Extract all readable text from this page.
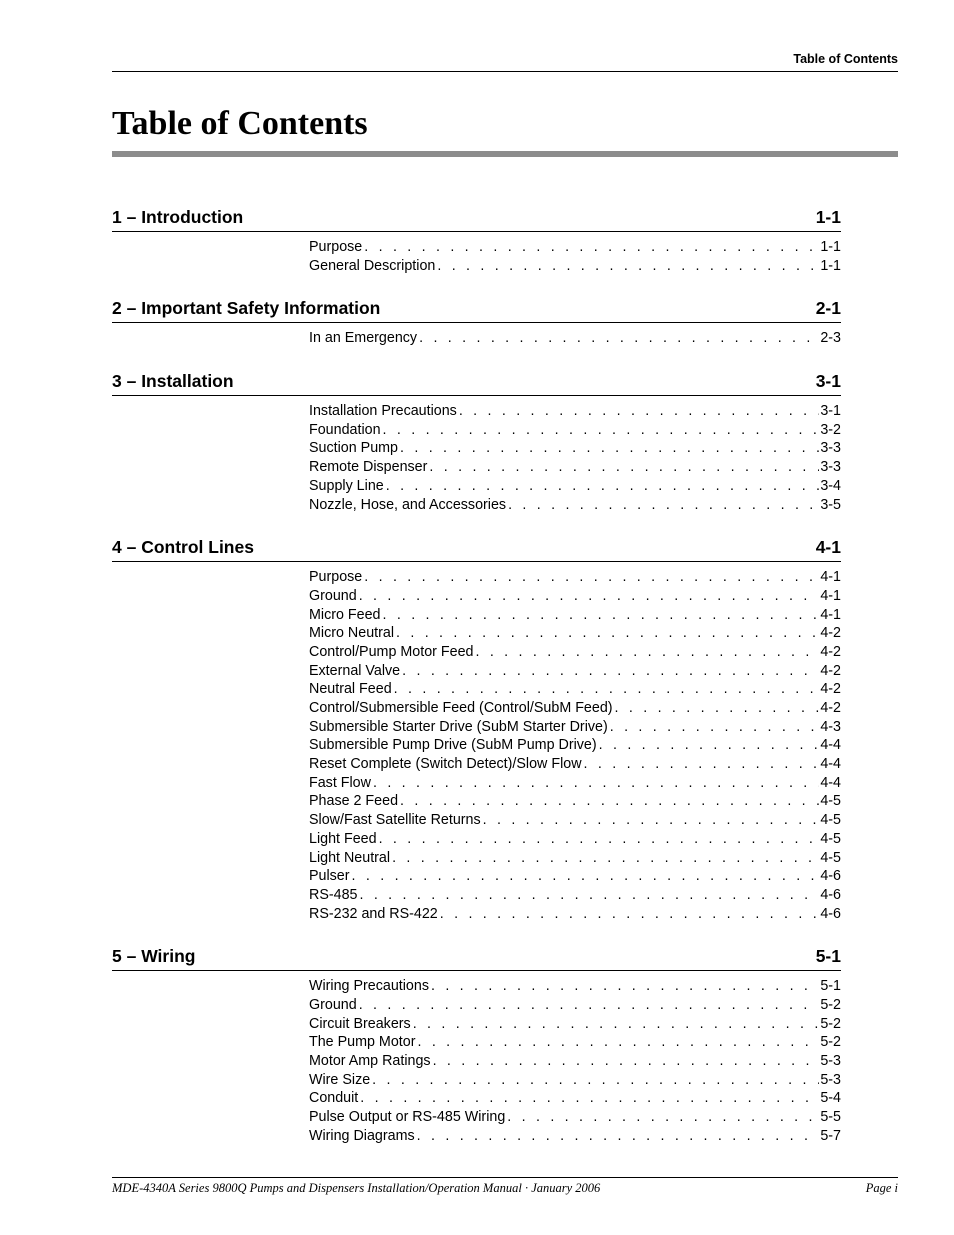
Table of Contents
Table of Contents
1 – Introduction	1-1
Purpose . . .	1-1
General Description . . .	1-1
2 – Important Safety Information	2-1
In an Emergency . . .	2-3
3 – Installation	3-1
Installation Precautions . . .	3-1
Foundation . . .	3-2
Suction Pump . . .	3-3
Remote Dispenser . . .	3-3
Supply Line . . .	3-4
Nozzle, Hose, and Accessories . . .	3-5
4 – Control Lines	4-1
Purpose . . .	4-1
Ground . . .	4-1
Micro Feed . . .	4-1
Micro Neutral . . .	4-2
Control/Pump Motor Feed . . .	4-2
External Valve . . .	4-2
Neutral Feed . . .	4-2
Control/Submersible Feed (Control/SubM Feed) . . .	4-2
Submersible Starter Drive (SubM Starter Drive) . . .	4-3
Submersible Pump Drive (SubM Pump Drive) . . .	4-4
Reset Complete (Switch Detect)/Slow Flow . . .	4-4
Fast Flow . . .	4-4
Phase 2 Feed . . .	4-5
Slow/Fast Satellite Returns . . .	4-5
Light Feed . . .	4-5
Light Neutral . . .	4-5
Pulser . . .	4-6
RS-485 . . .	4-6
RS-232 and RS-422 . . .	4-6
5 – Wiring	5-1
Wiring Precautions . . .	5-1
Ground . . .	5-2
Circuit Breakers . . .	5-2
The Pump Motor . . .	5-2
Motor Amp Ratings . . .	5-3
Wire Size . . .	5-3
Conduit . . .	5-4
Pulse Output or RS-485 Wiring . . .	5-5
Wiring Diagrams . . .	5-7
MDE-4340A Series 9800Q Pumps and Dispensers Installation/Operation Manual · January 2006	Page i
